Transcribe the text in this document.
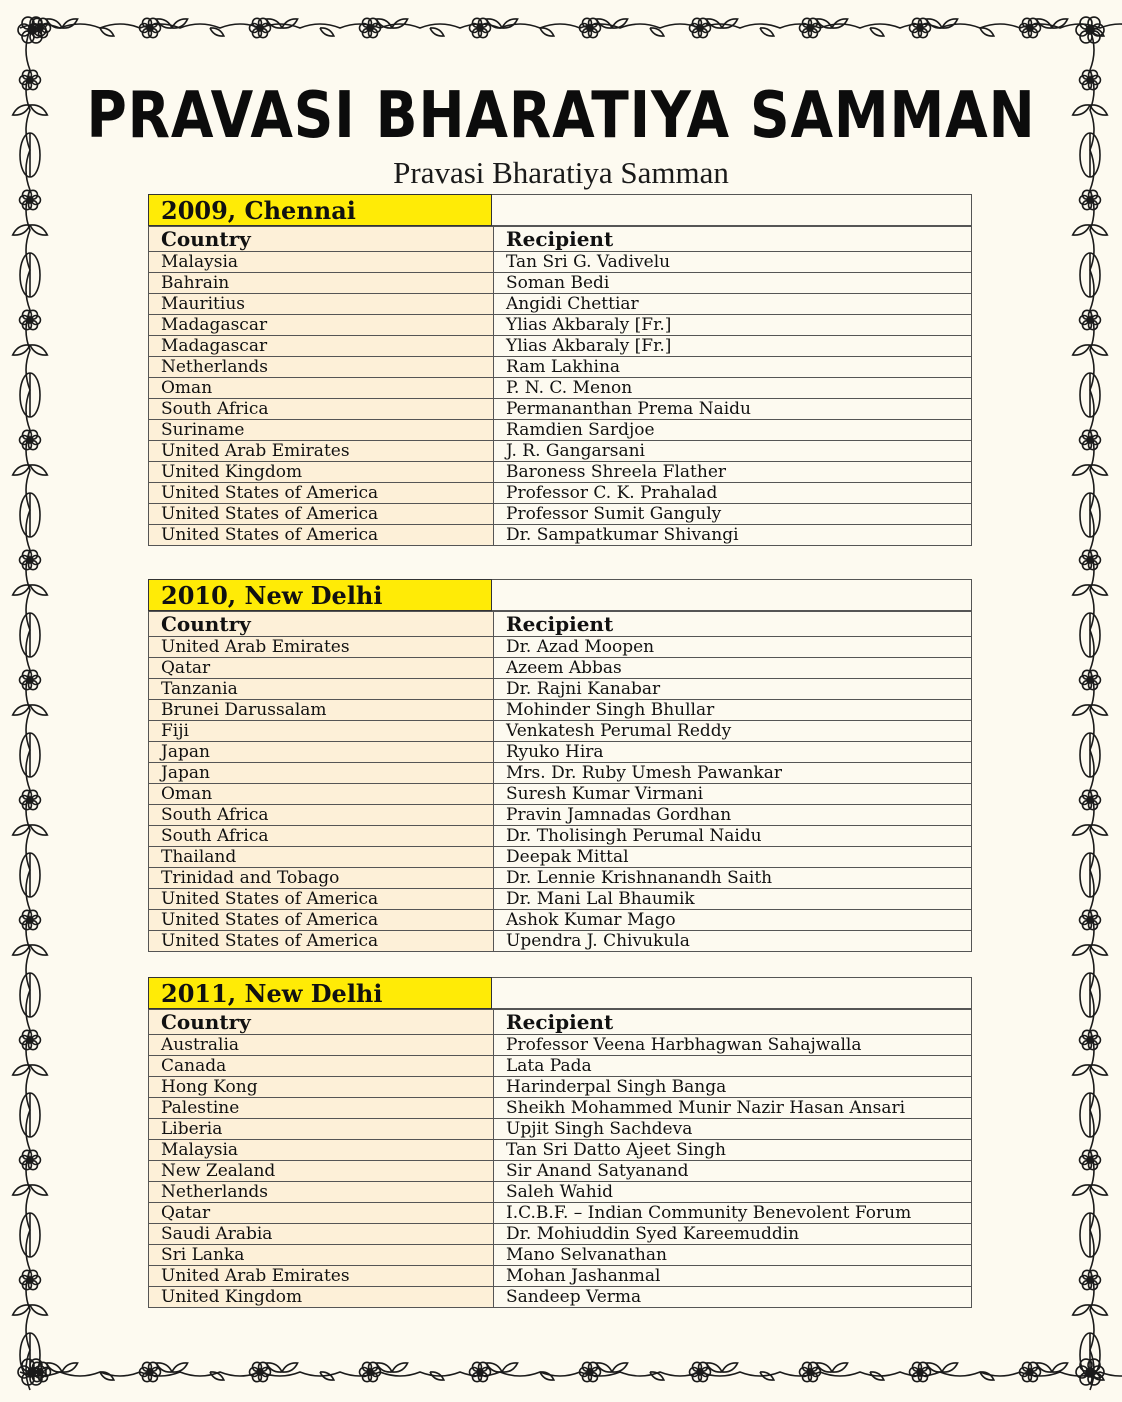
PRAVASI BHARATIYA SAMMAN
Pravasi Bharatiya Samman
2009, Chennai
Country	Recipient
Malaysia	Tan Sri G. Vadivelu
Bahrain	Soman Bedi
Mauritius	Angidi Chettiar
Madagascar	Ylias Akbaraly [Fr.]
Madagascar	Ylias Akbaraly [Fr.]
Netherlands	Ram Lakhina
Oman	P. N. C. Menon
South Africa	Permananthan Prema Naidu
Suriname	Ramdien Sardjoe
United Arab Emirates	J. R. Gangarsani
United Kingdom	Baroness Shreela Flather
United States of America	Professor C. K. Prahalad
United States of America	Professor Sumit Ganguly
United States of America	Dr. Sampatkumar Shivangi
2010, New Delhi
Country	Recipient
United Arab Emirates	Dr. Azad Moopen
Qatar	Azeem Abbas
Tanzania	Dr. Rajni Kanabar
Brunei Darussalam	Mohinder Singh Bhullar
Fiji	Venkatesh Perumal Reddy
Japan	Ryuko Hira
Japan	Mrs. Dr. Ruby Umesh Pawankar
Oman	Suresh Kumar Virmani
South Africa	Pravin Jamnadas Gordhan
South Africa	Dr. Tholisingh Perumal Naidu
Thailand	Deepak Mittal
Trinidad and Tobago	Dr. Lennie Krishnanandh Saith
United States of America	Dr. Mani Lal Bhaumik
United States of America	Ashok Kumar Mago
United States of America	Upendra J. Chivukula
2011, New Delhi
Country	Recipient
Australia	Professor Veena Harbhagwan Sahajwalla
Canada	Lata Pada
Hong Kong	Harinderpal Singh Banga
Palestine	Sheikh Mohammed Munir Nazir Hasan Ansari
Liberia	Upjit Singh Sachdeva
Malaysia	Tan Sri Datto Ajeet Singh
New Zealand	Sir Anand Satyanand
Netherlands	Saleh Wahid
Qatar	I.C.B.F. – Indian Community Benevolent Forum
Saudi Arabia	Dr. Mohiuddin Syed Kareemuddin
Sri Lanka	Mano Selvanathan
United Arab Emirates	Mohan Jashanmal
United Kingdom	Sandeep Verma
